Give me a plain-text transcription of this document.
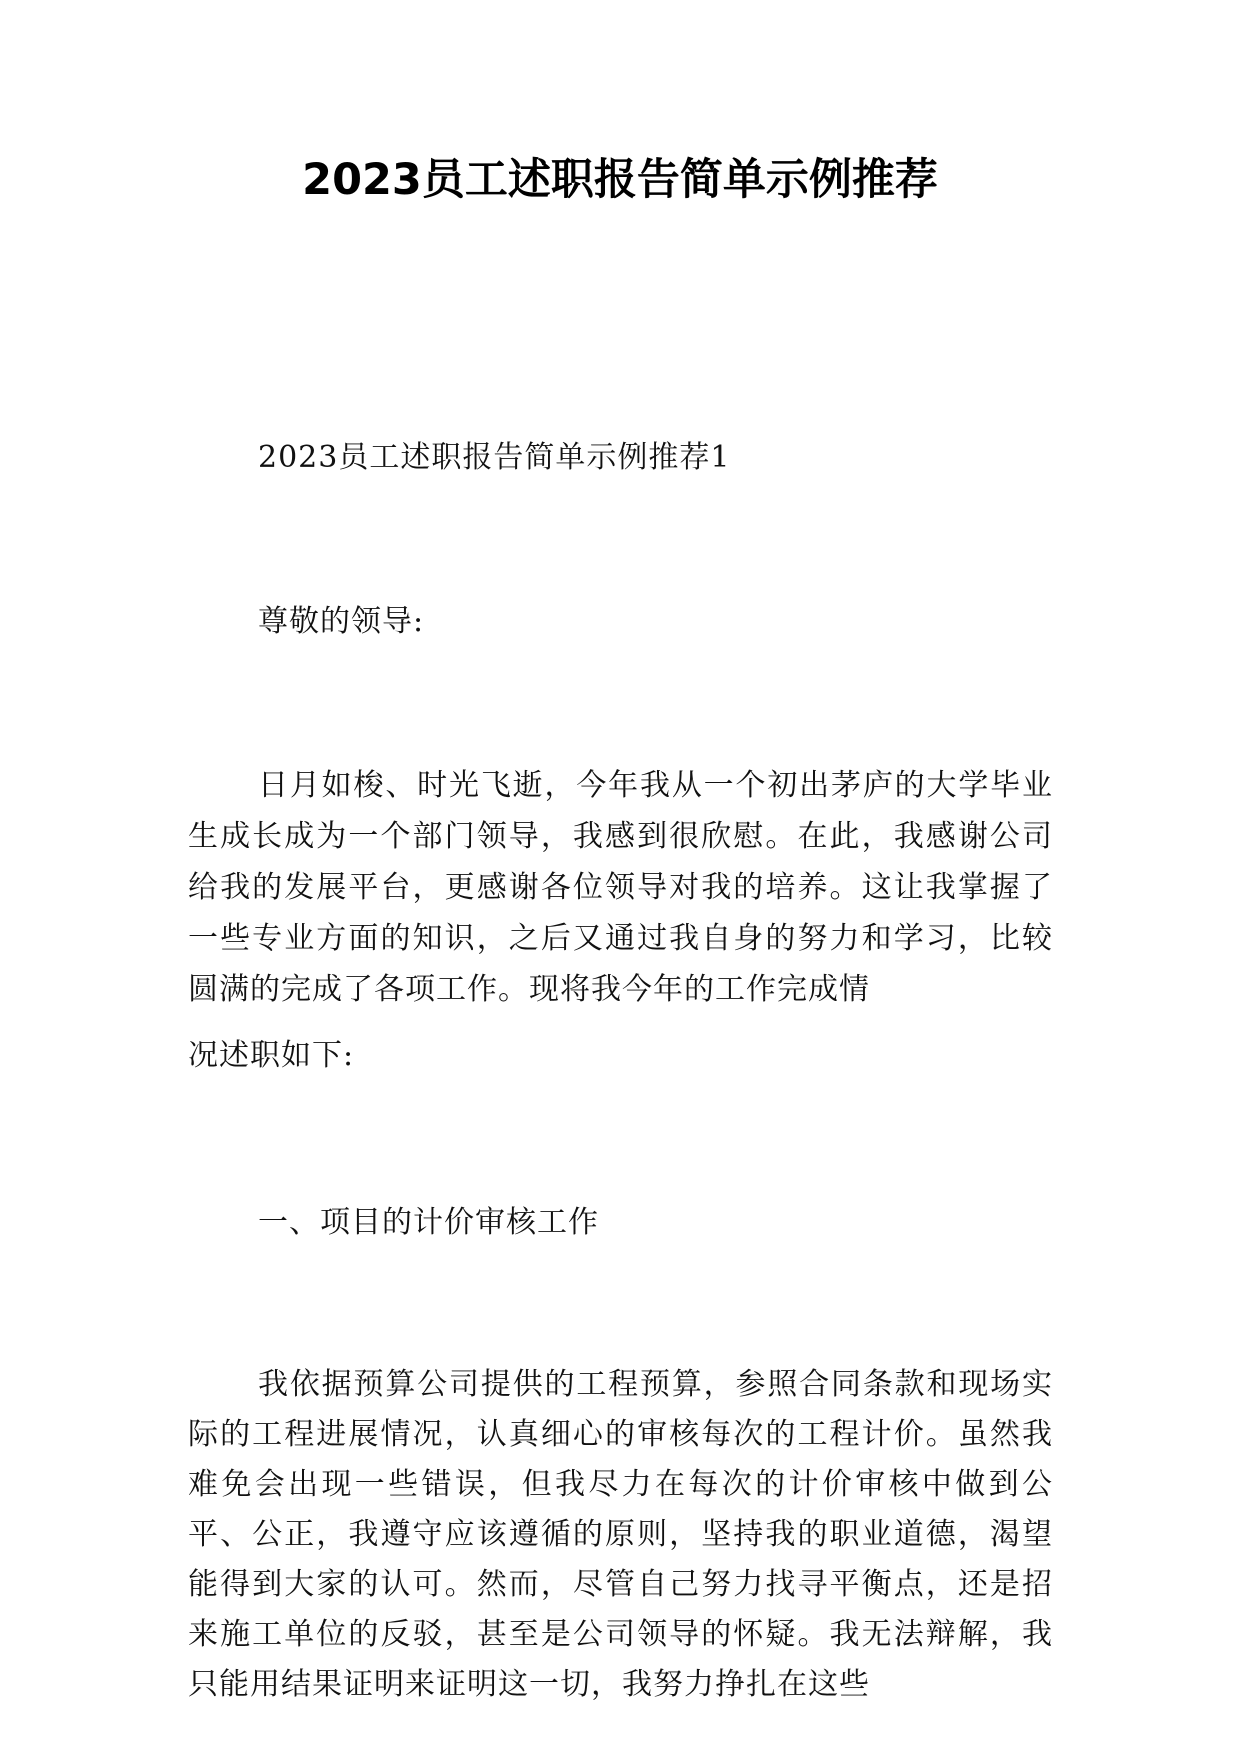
2023员工述职报告简单示例推荐
2023员工述职报告简单示例推荐1
尊敬的领导:
日月如梭、时光飞逝，今年我从一个初出茅庐的大学毕业生成长成为一个部门领导，我感到很欣慰。在此，我感谢公司给我的发展平台，更感谢各位领导对我的培养。这让我掌握了一些专业方面的知识，之后又通过我自身的努力和学习，比较圆满的完成了各项工作。现将我今年的工作完成情
况述职如下:
一、项目的计价审核工作
我依据预算公司提供的工程预算，参照合同条款和现场实际的工程进展情况，认真细心的审核每次的工程计价。虽然我难免会出现一些错误，但我尽力在每次的计价审核中做到公平、公正，我遵守应该遵循的原则，坚持我的职业道德，渴望能得到大家的认可。然而，尽管自己努力找寻平衡点，还是招来施工单位的反驳，甚至是公司领导的怀疑。我无法辩解，我只能用结果证明来证明这一切，我努力挣扎在这些
